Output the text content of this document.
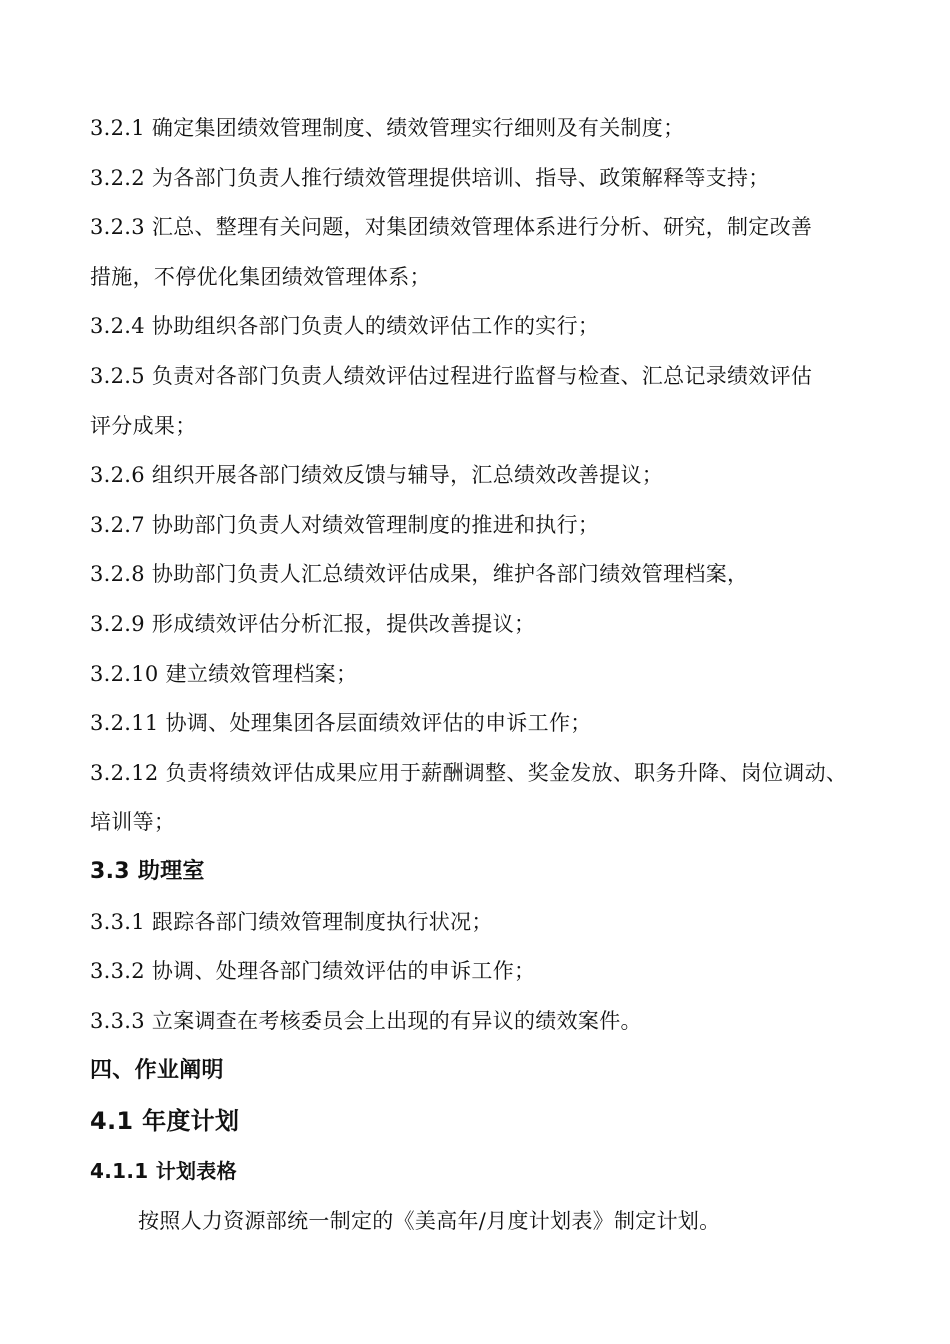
3.2.1 确定集团绩效管理制度、绩效管理实行细则及有关制度；
3.2.2 为各部门负责人推行绩效管理提供培训、指导、政策解释等支持；
3.2.3 汇总、整理有关问题，对集团绩效管理体系进行分析、研究，制定改善
措施，不停优化集团绩效管理体系；
3.2.4 协助组织各部门负责人的绩效评估工作的实行；
3.2.5 负责对各部门负责人绩效评估过程进行监督与检查、汇总记录绩效评估
评分成果；
3.2.6 组织开展各部门绩效反馈与辅导，汇总绩效改善提议；
3.2.7 协助部门负责人对绩效管理制度的推进和执行；
3.2.8 协助部门负责人汇总绩效评估成果，维护各部门绩效管理档案，
3.2.9 形成绩效评估分析汇报，提供改善提议；
3.2.10 建立绩效管理档案；
3.2.11 协调、处理集团各层面绩效评估的申诉工作；
3.2.12 负责将绩效评估成果应用于薪酬调整、奖金发放、职务升降、岗位调动、
培训等；
3.3 助理室
3.3.1 跟踪各部门绩效管理制度执行状况；
3.3.2 协调、处理各部门绩效评估的申诉工作；
3.3.3 立案调查在考核委员会上出现的有异议的绩效案件。
四、作业阐明
4.1 年度计划
4.1.1 计划表格
按照人力资源部统一制定的《美高年/月度计划表》制定计划。
